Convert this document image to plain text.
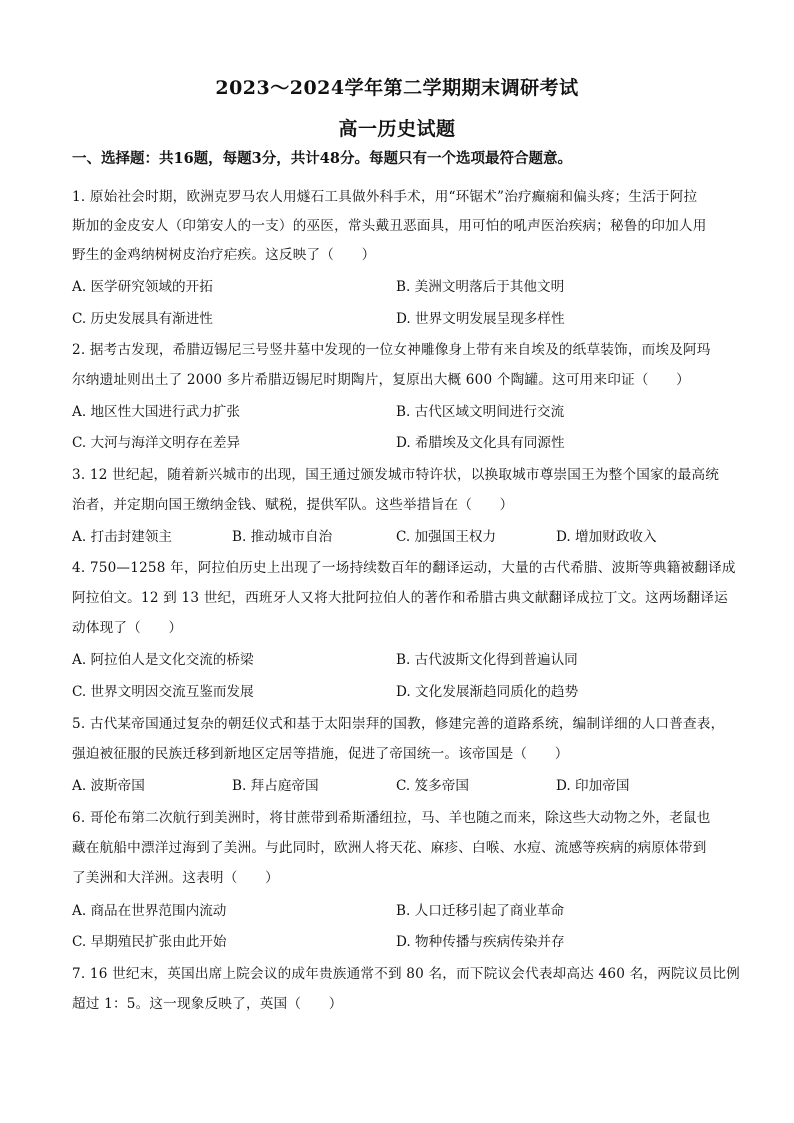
2023～2024学年第二学期期末调研考试
高一历史试题
一、选择题：共16题，每题3分，共计48分。每题只有一个选项最符合题意。
1. 原始社会时期，欧洲克罗马农人用燧石工具做外科手术，用“环锯术”治疗癫痫和偏头疼；生活于阿拉
斯加的金皮安人（印第安人的一支）的巫医，常头戴丑恶面具，用可怕的吼声医治疾病；秘鲁的印加人用
野生的金鸡纳树树皮治疗疟疾。这反映了（　　）
A. 医学研究领域的开拓	B. 美洲文明落后于其他文明
C. 历史发展具有渐进性	D. 世界文明发展呈现多样性
2. 据考古发现，希腊迈锡尼三号竖井墓中发现的一位女神雕像身上带有来自埃及的纸草装饰，而埃及阿玛
尔纳遗址则出土了 2000 多片希腊迈锡尼时期陶片，复原出大概 600 个陶罐。这可用来印证（　　）
A. 地区性大国进行武力扩张	B. 古代区域文明间进行交流
C. 大河与海洋文明存在差异	D. 希腊埃及文化具有同源性
3. 12 世纪起，随着新兴城市的出现，国王通过颁发城市特许状，以换取城市尊崇国王为整个国家的最高统
治者，并定期向国王缴纳金钱、赋税，提供军队。这些举措旨在（　　）
A. 打击封建领主	B. 推动城市自治	C. 加强国王权力	D. 增加财政收入
4. 750—1258 年，阿拉伯历史上出现了一场持续数百年的翻译运动，大量的古代希腊、波斯等典籍被翻译成
阿拉伯文。12 到 13 世纪，西班牙人又将大批阿拉伯人的著作和希腊古典文献翻译成拉丁文。这两场翻译运
动体现了（　　）
A. 阿拉伯人是文化交流的桥梁	B. 古代波斯文化得到普遍认同
C. 世界文明因交流互鉴而发展	D. 文化发展渐趋同质化的趋势
5. 古代某帝国通过复杂的朝廷仪式和基于太阳崇拜的国教，修建完善的道路系统，编制详细的人口普查表，
强迫被征服的民族迁移到新地区定居等措施，促进了帝国统一。该帝国是（　　）
A. 波斯帝国	B. 拜占庭帝国	C. 笈多帝国	D. 印加帝国
6. 哥伦布第二次航行到美洲时，将甘蔗带到希斯潘纽拉，马、羊也随之而来，除这些大动物之外，老鼠也
藏在航船中漂洋过海到了美洲。与此同时，欧洲人将天花、麻疹、白喉、水痘、流感等疾病的病原体带到
了美洲和大洋洲。这表明（　　）
A. 商品在世界范围内流动	B. 人口迁移引起了商业革命
C. 早期殖民扩张由此开始	D. 物种传播与疾病传染并存
7. 16 世纪末，英国出席上院会议的成年贵族通常不到 80 名，而下院议会代表却高达 460 名，两院议员比例
超过 1：5。这一现象反映了，英国（　　）
